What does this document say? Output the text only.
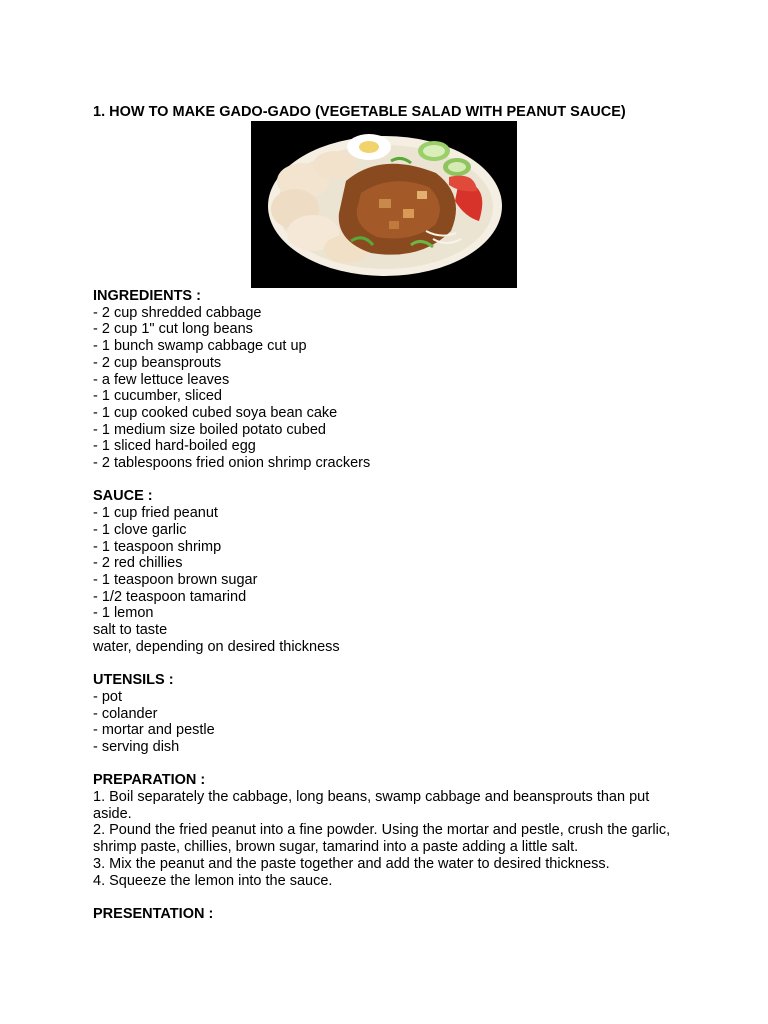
1. HOW TO MAKE GADO-GADO (VEGETABLE SALAD WITH PEANUT SAUCE)

INGREDIENTS :

- 2 cup shredded cabbage

- 2 cup 1" cut long beans

- 1 bunch swamp cabbage cut up

- 2 cup beansprouts

- a few lettuce leaves

- 1 cucumber, sliced

- 1 cup cooked cubed soya bean cake

- 1 medium size boiled potato cubed

- 1 sliced hard-boiled egg

- 2 tablespoons fried onion shrimp crackers

SAUCE :

- 1 cup fried peanut

- 1 clove garlic

- 1 teaspoon shrimp

- 2 red chillies

- 1 teaspoon brown sugar

- 1/2 teaspoon tamarind

- 1 lemon

salt to taste

water, depending on desired thickness

UTENSILS :

- pot

- colander

- mortar and pestle

- serving dish

PREPARATION :

1. Boil separately the cabbage, long beans, swamp cabbage and beansprouts than put aside.

2. Pound the fried peanut into a fine powder. Using the mortar and pestle, crush the garlic, shrimp paste, chillies, brown sugar, tamarind into a paste adding a little salt.

3. Mix the peanut and the paste together and add the water to desired thickness.

4. Squeeze the lemon into the sauce.

PRESENTATION :
